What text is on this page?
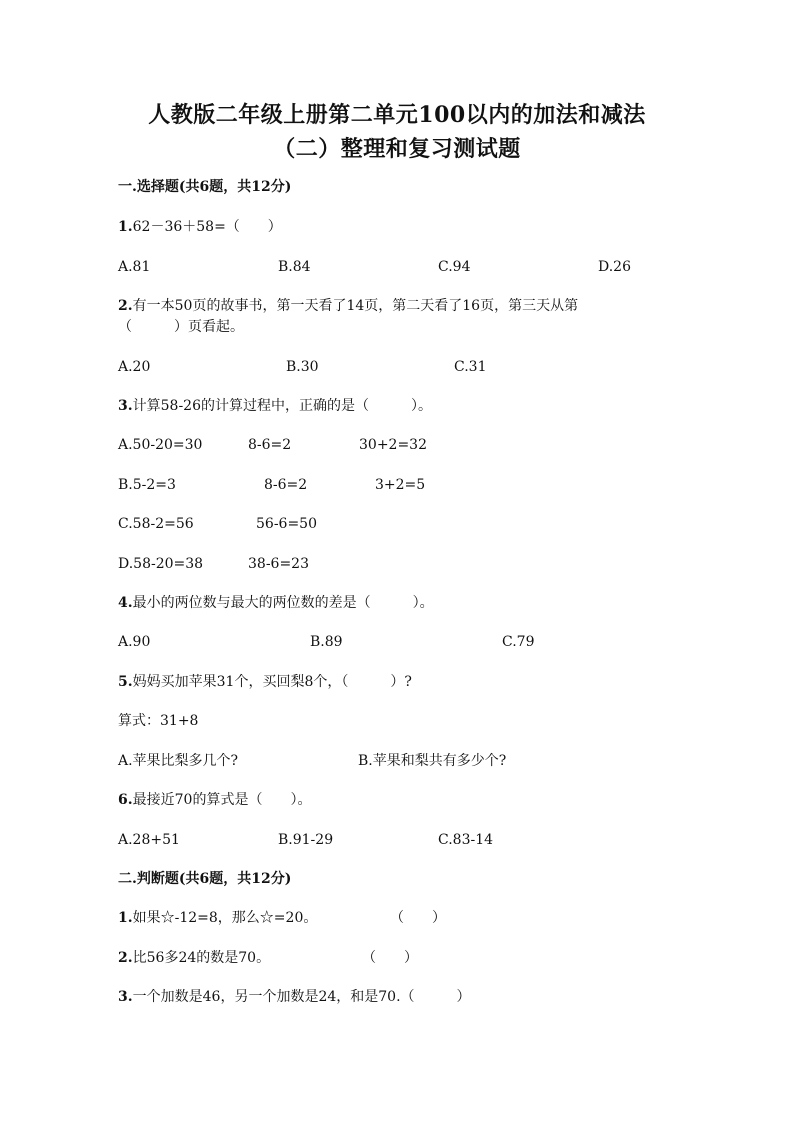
人教版二年级上册第二单元100以内的加法和减法
（二）整理和复习测试题
一.选择题(共6题，共12分)
1.62－36＋58=（　　）
A.81	B.84	C.94	D.26
2.有一本50页的故事书，第一天看了14页，第二天看了16页，第三天从第
（　　　）页看起。
A.20	B.30	C.31
3.计算58-26的计算过程中，正确的是（　　　）。
A.50-20=30	8-6=2	30+2=32
B.5-2=3	8-6=2	3+2=5
C.58-2=56	56-6=50
D.58-20=38	38-6=23
4.最小的两位数与最大的两位数的差是（　　　）。
A.90	B.89	C.79
5.妈妈买加苹果31个，买回梨8个，（　　　）?
算式：31+8
A.苹果比梨多几个?	B.苹果和梨共有多少个?
6.最接近70的算式是（　　）。
A.28+51	B.91-29	C.83-14
二.判断题(共6题，共12分)
1.如果☆-12=8，那么☆=20。	（　　）
2.比56多24的数是70。	（　　）
3.一个加数是46，另一个加数是24，和是70.（　　　）
